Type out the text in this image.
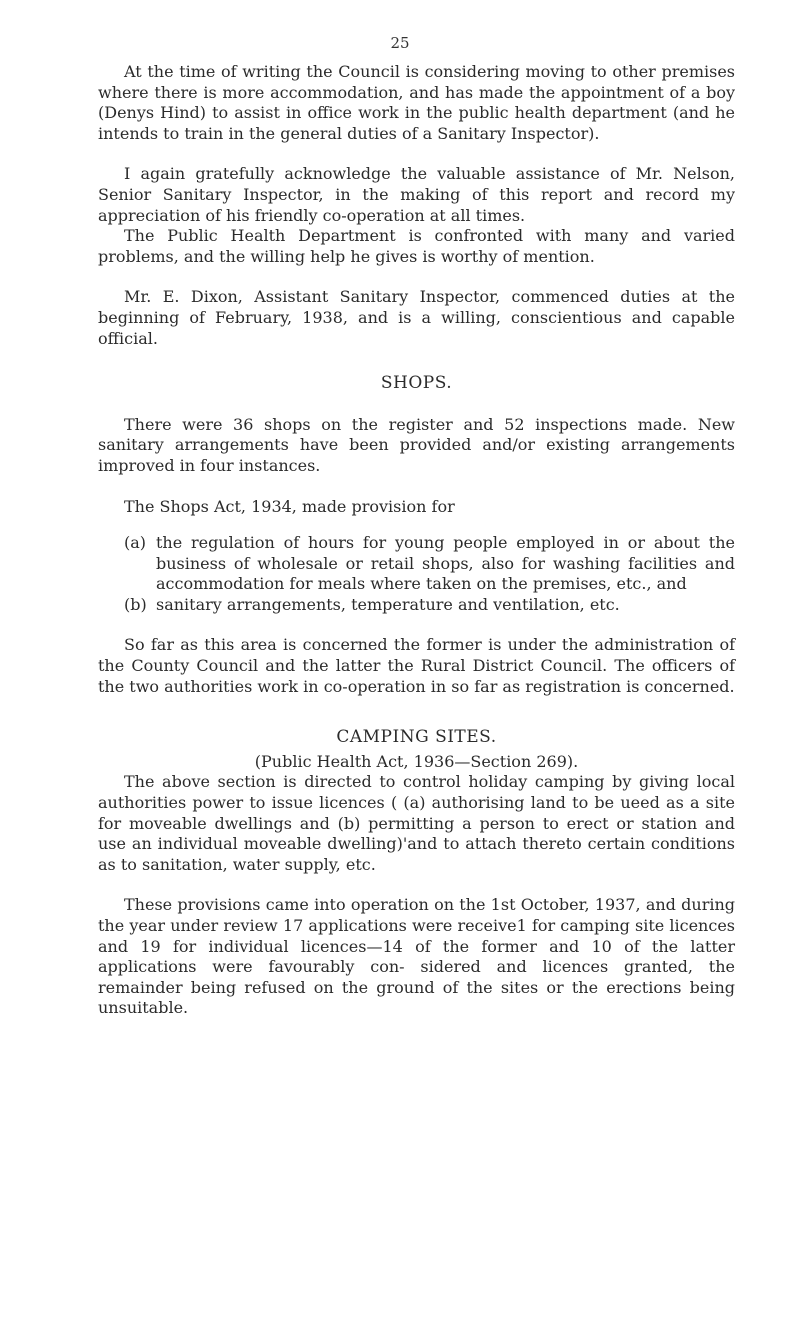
25

At the time of writing the Council is considering moving to other premises where there is more accommodation, and has made the appointment of a boy (Denys Hind) to assist in office work in the public health department (and he intends to train in the general duties of a Sanitary Inspector).

I again gratefully acknowledge the valuable assistance of Mr. Nelson, Senior Sanitary Inspector, in the making of this report and record my appreciation of his friendly co-operation at all times.

The Public Health Department is confronted with many and varied problems, and the willing help he gives is worthy of mention.

Mr. E. Dixon, Assistant Sanitary Inspector, commenced duties at the beginning of February, 1938, and is a willing, conscientious and capable official.

SHOPS.

There were 36 shops on the register and 52 inspections made. New sanitary arrangements have been provided and/or existing arrangements improved in four instances.

The Shops Act, 1934, made provision for

(a) the regulation of hours for young people employed in or about the business of wholesale or retail shops, also for washing facilities and accommodation for meals where taken on the premises, etc., and
(b) sanitary arrangements, temperature and ventilation, etc.

So far as this area is concerned the former is under the administration of the County Council and the latter the Rural District Council. The officers of the two authorities work in co-operation in so far as registration is concerned.

CAMPING SITES.
(Public Health Act, 1936—Section 269).

The above section is directed to control holiday camping by giving local authorities power to issue licences ( (a) authorising land to be ueed as a site for moveable dwellings and (b) permitting a person to erect or station and use an individual moveable dwelling)'and to attach thereto certain conditions as to sanitation, water supply, etc.

These provisions came into operation on the 1st October, 1937, and during the year under review 17 applications were receive1 for camping site licences and 19 for individual licences—14 of the former and 10 of the latter applications were favourably con- sidered and licences granted, the remainder being refused on the ground of the sites or the erections being unsuitable.
